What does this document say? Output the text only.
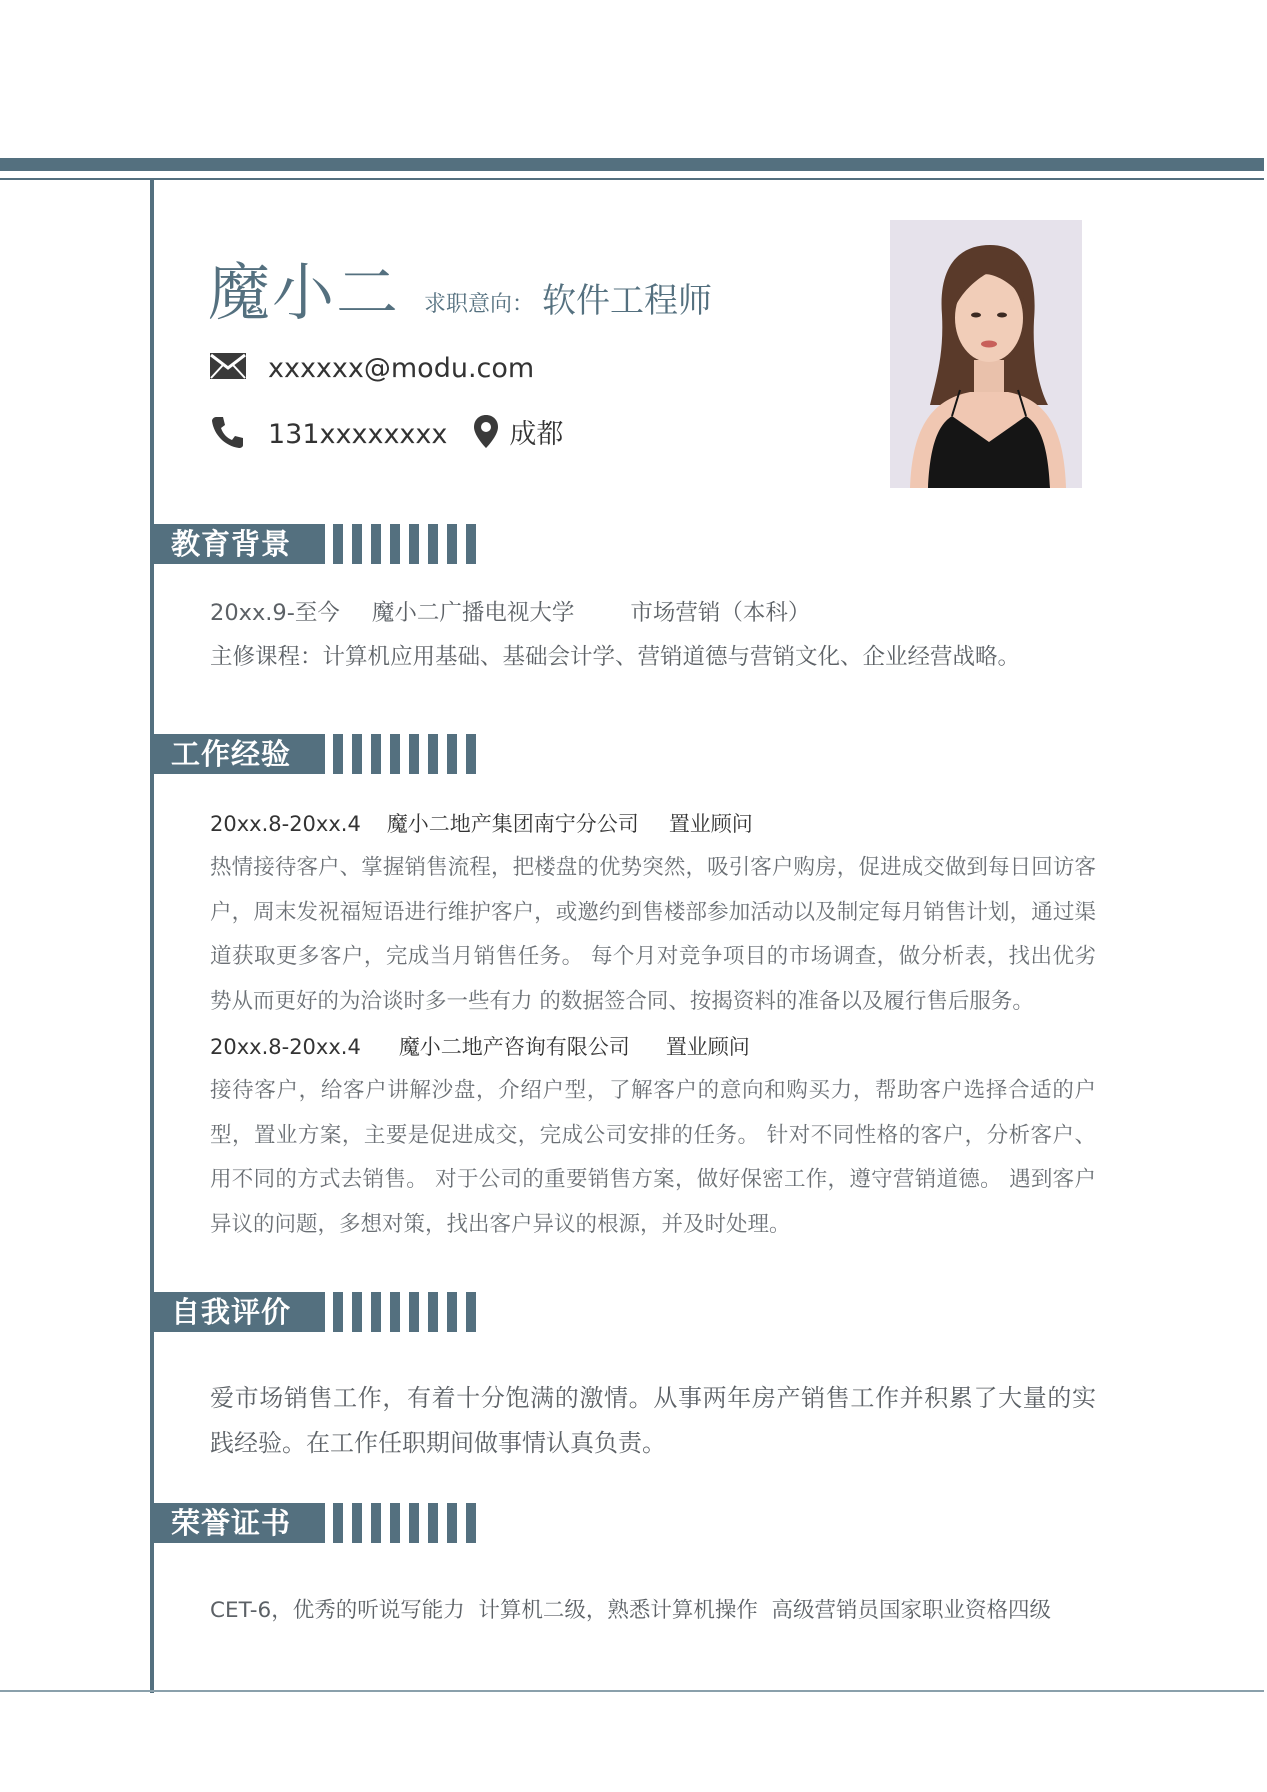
魔小二 求职意向： 软件工程师
xxxxxx@modu.com
131xxxxxxxx 成都
教育背景
20xx.9-至今 魔小二广播电视大学 市场营销（本科）
主修课程：计算机应用基础、基础会计学、营销道德与营销文化、企业经营战略。
工作经验
20xx.8-20xx.4 魔小二地产集团南宁分公司 置业顾问
热情接待客户、掌握销售流程，把楼盘的优势突然，吸引客户购房，促进成交做到每日回访客户，周末发祝福短语进行维护客户，或邀约到售楼部参加活动以及制定每月销售计划，通过渠道获取更多客户，完成当月销售任务。 每个月对竞争项目的市场调查，做分析表，找出优劣势从而更好的为洽谈时多一些有力 的数据签合同、按揭资料的准备以及履行售后服务。
20xx.8-20xx.4 魔小二地产咨询有限公司 置业顾问
接待客户，给客户讲解沙盘，介绍户型，了解客户的意向和购买力，帮助客户选择合适的户型，置业方案，主要是促进成交，完成公司安排的任务。 针对不同性格的客户，分析客户、用不同的方式去销售。 对于公司的重要销售方案，做好保密工作，遵守营销道德。 遇到客户异议的问题，多想对策，找出客户异议的根源，并及时处理。
自我评价
爱市场销售工作，有着十分饱满的激情。从事两年房产销售工作并积累了大量的实践经验。在工作任职期间做事情认真负责。
荣誉证书
CET-6，优秀的听说写能力  计算机二级，熟悉计算机操作  高级营销员国家职业资格四级
